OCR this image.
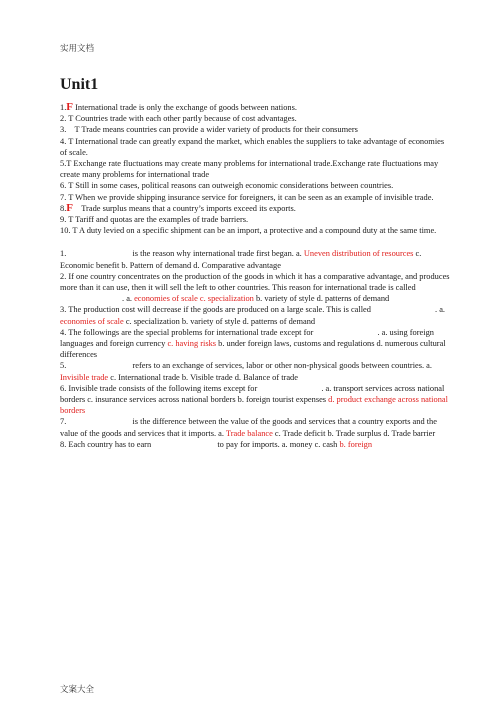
实用文档
Unit1

1.F International trade is only the exchange of goods between nations.

2. T Countries trade with each other partly because of cost advantages.

3. T Trade means countries can provide a wider variety of products for their consumers

4. T International trade can greatly expand the market, which enables the suppliers to take advantage of economies of scale.

5.T Exchange rate fluctuations may create many problems for international trade.Exchange rate fluctuations may create many problems for international trade

6. T Still in some cases, political reasons can outweigh economic considerations between countries.

7. T When we provide shipping insurance service for foreigners, it can be seen as an example of invisible trade.

8.F    Trade surplus means that a country’s imports exceed its exports.

9. T Tariff and quotas are the examples of trade barriers.

10. T A duty levied on a specific shipment can be an import, a protective and a compound duty at the same time.

1.	is the reason why international trade first began. a. Uneven distribution of resources c. Economic benefit b. Pattern of demand d. Comparative advantage

2. If one country concentrates on the production of the goods in which it has a comparative advantage, and produces more than it can use, then it will sell the left to other countries. This reason for international trade is called . a. economies of scale c. specialization b. variety of style d. patterns of demand

3. The production cost will decrease if the goods are produced on a large scale. This is called	. a. economies of scale c. specialization b. variety of style d. patterns of demand

4. The followings are the special problems for international trade except for	. a. using foreign languages and foreign currency c. having risks b. under foreign laws, customs and regulations d. numerous cultural differences

5.	refers to an exchange of services, labor or other non-physical goods between countries. a. Invisible trade c. International trade b. Visible trade d. Balance of trade

6. Invisible trade consists of the following items except for	. a. transport services across national borders c. insurance services across national borders b. foreign tourist expenses d. product exchange across national borders

7.	is the difference between the value of the goods and services that a country exports and the value of the goods and services that it imports. a. Trade balance c. Trade deficit b. Trade surplus d. Trade barrier

8. Each country has to earn	to pay for imports. a. money c. cash b. foreign

文案大全
